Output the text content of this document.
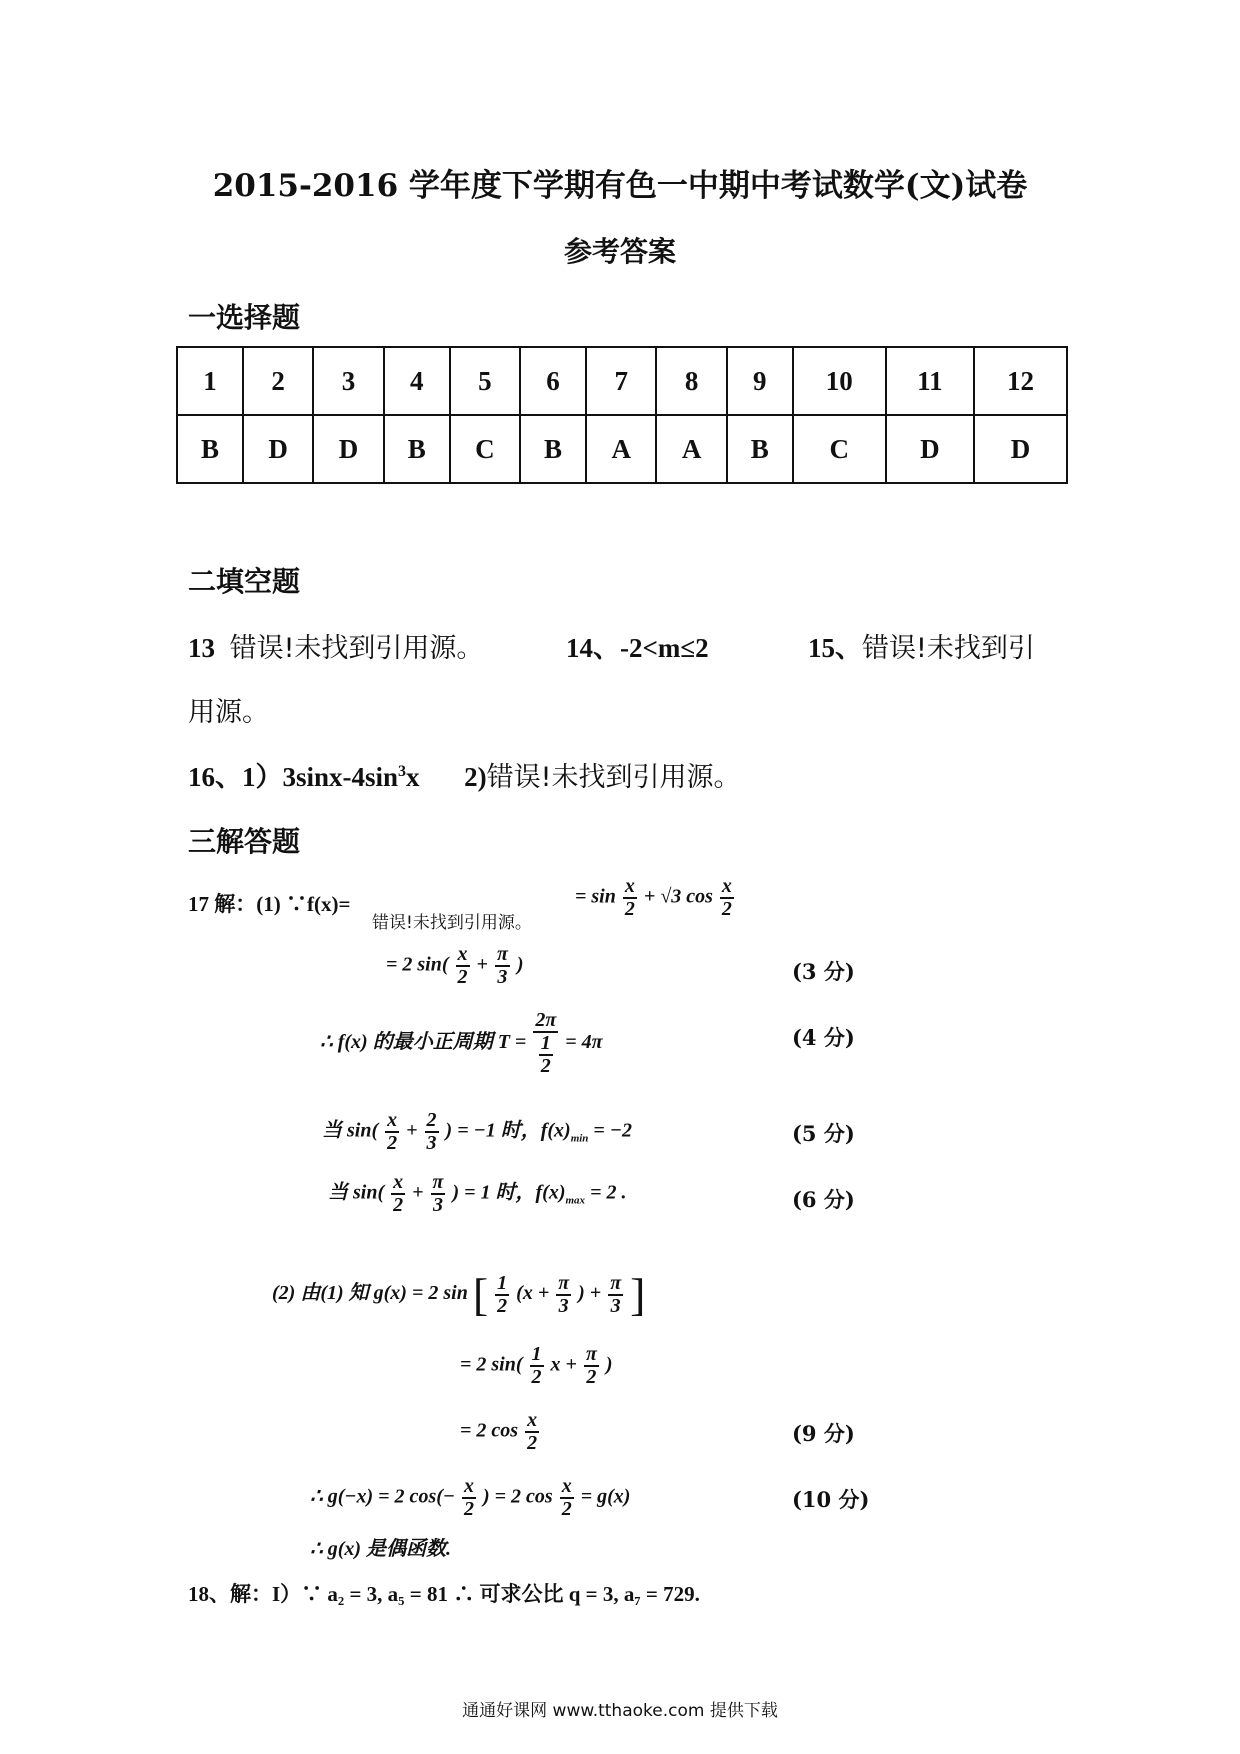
2015-2016 学年度下学期有色一中期中考试数学(文)试卷
参考答案
一选择题
1	2	3	4	5	6	7	8	9	10	11	12
B	D	D	B	C	B	A	A	B	C	D	D
二填空题
13 错误!未找到引用源。	14、-2<m≤2	15、错误!未找到引
用源。
16、$1)3\sin x-4\sin^3x$ 2)错误!未找到引用源。
三解答题
17 解：(1) ∵f(x)=
错误!未找到引用源。
= $\sin \frac{x}{2} + √3$ $\cos \frac{x}{2}$
= 2 $\sin( \frac{x}{2} + \frac{\pi}{3}$ )	(3 分)
∴ f(x) 的最小正周期 $T = \frac{2\pi}{\frac{1}{2}} = 4\pi$	(4 分)
当 $\sin( \frac{x}{2} + \frac{2}{3}$ ) = −1 时，$f(x)_{min} = -2$	(5 分)
当 $\sin( \frac{x}{2} + \frac{\pi}{3}$ ) = 1 时，$f(x)_{max} = 2$ .	(6 分)
(2) 由(1) 知 g(x) = 2 sin [ $\frac{1}{2} (x + \frac{\pi}{3}$ ) + $\frac{\pi}{3}$ ]
= 2 $\sin( \frac{1}{2}$ $x + \frac{\pi}{2}$ )
= 2 $\cos \frac{x}{2}$	(9 分)
∴ g(−x) = 2 $\cos(- \frac{x}{2}$ ) = 2 $\cos \frac{x}{2} = g(x)$	(10 分)
∴ g(x) 是偶函数.
18、解：I）∵ a₂ = 3, a₅ = 81 ∴ 可求公比 q = 3, a₇ = 729.
通通好课网 www.tthaoke.com 提供下载
